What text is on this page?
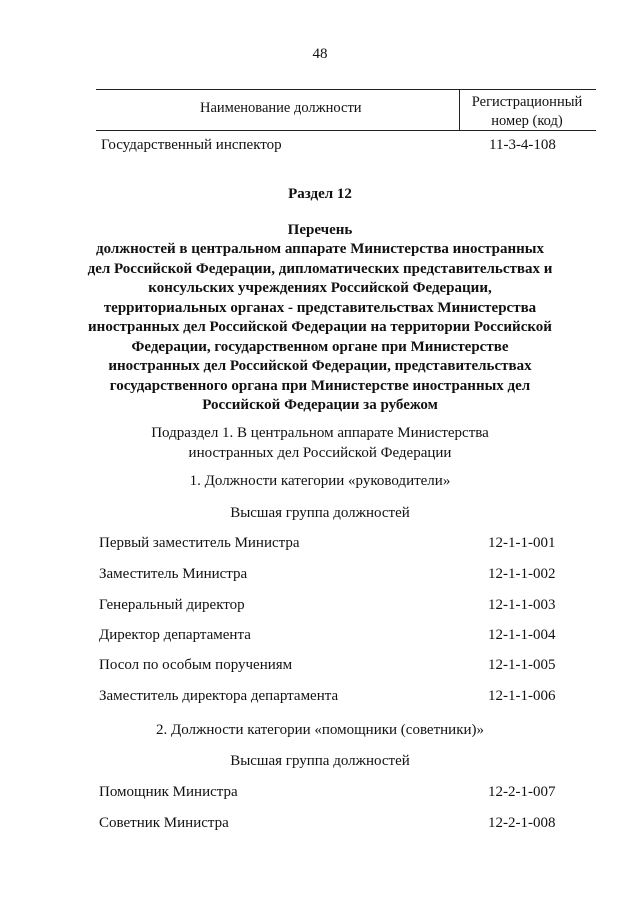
48
Наименование должности	Регистрационный
номер (код)
Государственный инспектор	11-3-4-108
Раздел 12
Перечень
должностей в центральном аппарате Министерства иностранных
дел Российской Федерации, дипломатических представительствах и
консульских учреждениях Российской Федерации,
территориальных органах - представительствах Министерства
иностранных дел Российской Федерации на территории Российской
Федерации, государственном органе при Министерстве
иностранных дел Российской Федерации, представительствах
государственного органа при Министерстве иностранных дел
Российской Федерации за рубежом
Подраздел 1. В центральном аппарате Министерства
иностранных дел Российской Федерации
1. Должности категории «руководители»
Высшая группа должностей
Первый заместитель Министра	12-1-1-001
Заместитель Министра	12-1-1-002
Генеральный директор	12-1-1-003
Директор департамента	12-1-1-004
Посол по особым поручениям	12-1-1-005
Заместитель директора департамента	12-1-1-006
2. Должности категории «помощники (советники)»
Высшая группа должностей
Помощник Министра	12-2-1-007
Советник Министра	12-2-1-008
